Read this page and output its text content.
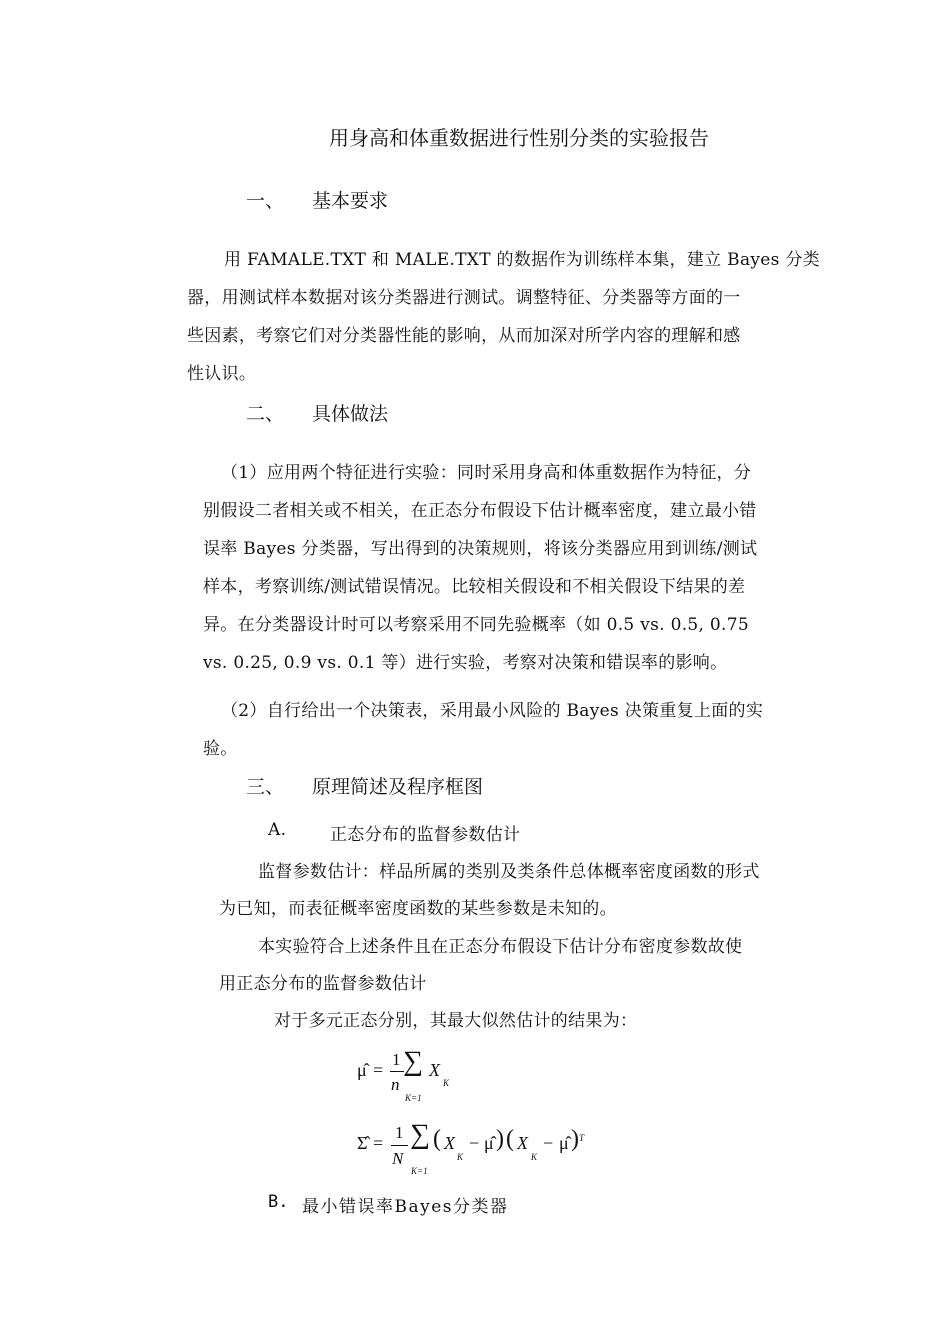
用身高和体重数据进行性别分类的实验报告
一、 基本要求
用 FAMALE.TXT 和 MALE.TXT 的数据作为训练样本集，建立 Bayes 分类
器，用测试样本数据对该分类器进行测试。调整特征、分类器等方面的一
些因素，考察它们对分类器性能的影响，从而加深对所学内容的理解和感
性认识。
二、 具体做法
（1）应用两个特征进行实验：同时采用身高和体重数据作为特征，分
别假设二者相关或不相关，在正态分布假设下估计概率密度，建立最小错
误率 Bayes 分类器，写出得到的决策规则，将该分类器应用到训练/测试
样本，考察训练/测试错误情况。比较相关假设和不相关假设下结果的差
异。在分类器设计时可以考察采用不同先验概率（如 0.5 vs. 0.5, 0.75
vs. 0.25, 0.9 vs. 0.1 等）进行实验，考察对决策和错误率的影响。
（2）自行给出一个决策表，采用最小风险的 Bayes 决策重复上面的实
验。
三、 原理简述及程序框图
A.	正态分布的监督参数估计
监督参数估计：样品所属的类别及类条件总体概率密度函数的形式
为已知，而表征概率密度函数的某些参数是未知的。
本实验符合上述条件且在正态分布假设下估计分布密度参数故使
用正态分布的监督参数估计
对于多元正态分别，其最大似然估计的结果为：
μ̂ =
1
n
∑
K=1
X
K
Σ̂ =
1
N
∑
K=1
( X
K
− μ̂ ) ( X
K
− μ̂ ) T
B. 最小错误率Bayes分类器
